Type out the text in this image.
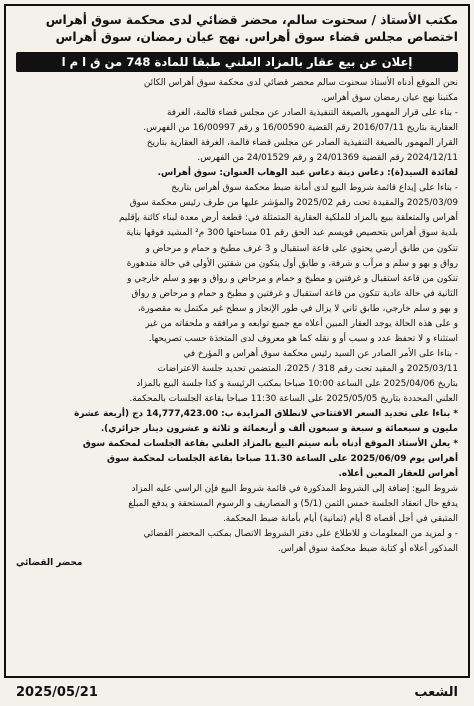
مكتب الأستاذ / سحنوت سالم، محضر قضائي لدى محكمة سوق أهراس
اختصاص مجلس قضاء سوق أهراس. نهج عيان رمضان، سوق أهراس
إعلان عن بيع عقار بالمزاد العلني طبقا للمادة 748 من ق ا م ا
نحن الموقع أدناه الأستاذ سحنوت سالم محضر قضائي لدى محكمة سوق أهراس الكائن
مكتبنا نهج عيان رمضان سوق أهراس.
- بناء على قرار المهمور بالصيغة التنفيذية الصادر عن مجلس قضاء قالمة، الغرفة
العقارية بتاريخ 2016/07/11 رقم القضية 16/00590 و رقم 16/00997 من الفهرس.
القرار المهمور بالصيغة التنفيذية الصادر عن مجلس قضاء قالمة، الغرفة العقارية بتاريخ
2024/12/11 رقم القضية 24/01369 و رقم 24/01529 من الفهرس.
لفائدة السيد(ة): دعاس دينة دعاس عبد الوهاب العنوان: سوق أهراس.
- بناءا على إيداع قائمة شروط البيع لدى أمانة ضبط محكمة سوق أهراس بتاريخ
2025/03/09 والمقيدة تحت رقم 2025/02 والمؤشر عليها من طرف رئيس محكمة سوق
أهراس والمتعلقة ببيع بالمزاد للملكية العقارية المتمثلة في: قطعة أرض معدة لبناء كائنة بإقليم
بلدية سوق أهراس بتحصيص قويسم عبد الحق رقم 01 مساحتها 300 م² المشيد فوقها بناية
تتكون من طابق أرضي يحتوي على قاعة استقبال و 3 غرف مطبخ و حمام و مرحاض و
رواق و بهو و سلم و مرآب و شرفة، و طابق أول يتكون من شقتين الأولى في حالة متدهورة
تتكون من قاعة استقبال و غرفتين و مطبخ و حمام و مرحاض و رواق و بهو و سلم خارجي و
الثانية في حالة عادية تتكون من قاعة استقبال و غرفتين و مطبخ و حمام و مرحاض و رواق
و بهو و سلم خارجي، طابق ثاني لا يزال في طور الإنجاز و سطح غير مكتمل به مقصورة،
و على هذه الحالة يوجد العقار المبين أعلاه مع جميع توابعه و مرافقه و ملحقاته من غير
استثناء و لا تحفظ عدد و سبب أو و نقله كما هو معروف لدى المتخذة حسب تصريحها.
- بناءا على الأمر الصادر عن السيد رئيس محكمة سوق أهراس و المؤرخ في
2025/03/11 و المقيد تحت رقم 318 / 2025، المتضمن تحديد جلسة الاعتراضات
بتاريخ 2025/04/06 على الساعة 10:00 صباحا بمكتب الرئيسة و كذا جلسة البيع بالمزاد
العلني المحددة بتاريخ 2025/05/05 على الساعة 11:30 صباحا بقاعة الجلسات بالمحكمة.
* بناءا على تحديد السعر الافتتاحي لانطلاق المزايدة ب: 14,777,423.00 دج (أربعة عشرة
مليون و سبعمائة و سبعة و سبعون ألف و أربعمائة و ثلاثة و عشرون دينار جزائري).
* يعلن الأستاذ الموقع أدناه بأنه سيتم البيع بالمزاد العلني بقاعة الجلسات لمحكمة سوق
أهراس يوم 2025/06/09 على الساعة 11.30 صباحا بقاعة الجلسات لمحكمة سوق
أهراس للعقار المعين أعلاه.
شروط البيع: إضافة إلى الشروط المذكورة في قائمة شروط البيع فإن الراسي عليه المزاد
يدفع حال انعقاد الجلسة خمس الثمن (5/1) و المصاريف و الرسوم المستحقة و يدفع المبلغ
المتبقي في أجل أقصاه 8 أيام (ثمانية) أيام بأمانة ضبط المحكمة.
- و لمزيد من المعلومات و للاطلاع على دفتر الشروط الاتصال بمكتب المحضر القضائي
المذكور أعلاه أو كتابة ضبط محكمة سوق أهراس.
محضر القضائي
الشعب
2025/05/21
